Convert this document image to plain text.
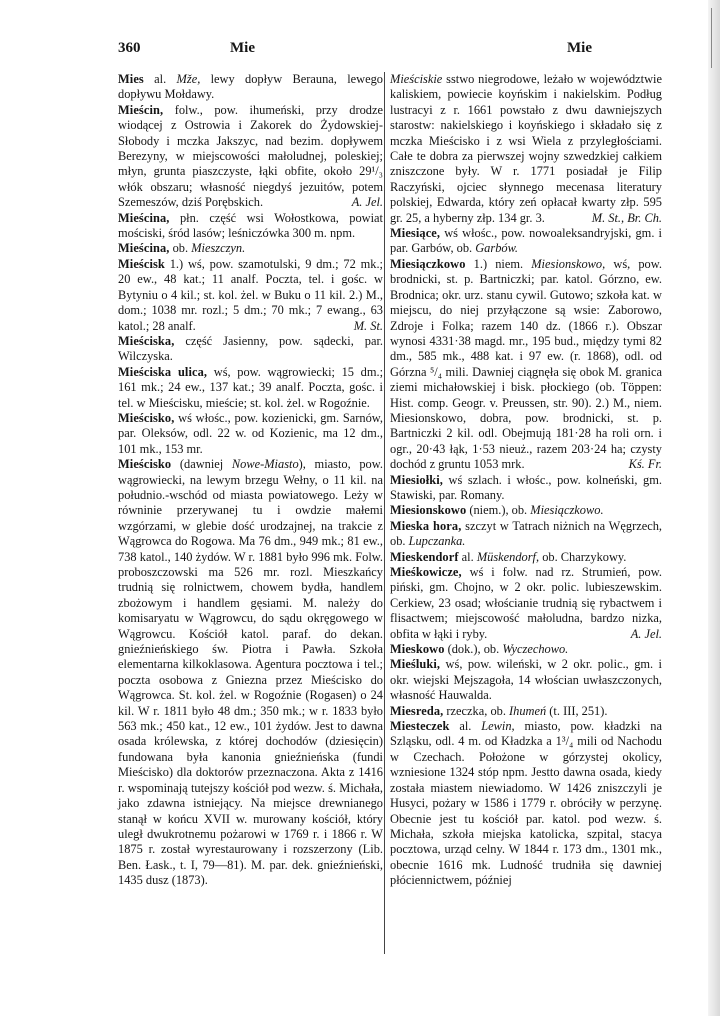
360	Mie	Mie

Mies al. Mže, lewy dopływ Berauna, lewego dopływu Mołdawy.

Mieścin, folw., pow. ihumeński, przy drodze wiodącej z Ostrowia i Zakorek do Żydowskiej-Słobody i mczka Jakszyc, nad bezim. dopływem Berezyny, w miejscowości małoludnej, poleskiej; młyn, grunta piaszczyste, łąki obfite, około 29¹/₃ włók obszaru; własność niegdyś jezuitów, potem Szemeszów, dziś Porębskich.	A. Jel.

Mieścina, płn. część wsi Wołostkowa, powiat mościski, śród lasów; leśniczówka 300 m. npm.

Mieścina, ob. Mieszczyn.

Mieścisk 1.) wś, pow. szamotulski, 9 dm.; 72 mk.; 20 ew., 48 kat.; 11 analf. Poczta, tel. i gośc. w Bytyniu o 4 kil.; st. kol. żel. w Buku o 11 kil. 2.) M., dom.; 1038 mr. rozl.; 5 dm.; 70 mk.; 7 ewang., 63 katol.; 28 analf.	M. St.

Mieściska, część Jasienny, pow. sądecki, par. Wilczyska.

Mieściska ulica, wś, pow. wągrowiecki; 15 dm.; 161 mk.; 24 ew., 137 kat.; 39 analf. Poczta, gośc. i tel. w Mieścisku, mieście; st. kol. żel. w Rogoźnie.

Mieścisko, wś włośc., pow. kozienicki, gm. Sarnów, par. Oleksów, odl. 22 w. od Kozienic, ma 12 dm., 101 mk., 153 mr.

Mieścisko (dawniej Nowe-Miasto), miasto, pow. wągrowiecki, na lewym brzegu Wełny, o 11 kil. na południo.-wschód od miasta powiatowego. Leży w równinie przerywanej tu i owdzie małemi wzgórzami, w glebie dość urodzajnej, na trakcie z Wągrowca do Rogowa. Ma 76 dm., 949 mk.; 81 ew., 738 katol., 140 żydów. W r. 1881 było 996 mk. Folw. proboszczowski ma 526 mr. rozl. Mieszkańcy trudnią się rolnictwem, chowem bydła, handlem zbożowym i handlem gęsiami. M. należy do komisaryatu w Wągrowcu, do sądu okręgowego w Wągrowcu. Kościół katol. paraf. do dekan. gnieźnieńskiego św. Piotra i Pawła. Szkoła elementarna kilkoklasowa. Agentura pocztowa i tel.; poczta osobowa z Gniezna przez Mieścisko do Wągrowca. St. kol. żel. w Rogoźnie (Rogasen) o 24 kil. W r. 1811 było 48 dm.; 350 mk.; w r. 1833 było 563 mk.; 450 kat., 12 ew., 101 żydów. Jest to dawna osada królewska, z której dochodów (dziesięcin) fundowana była kanonia gnieźnieńska (fundi Mieścisko) dla doktorów przeznaczona. Akta z 1416 r. wspominają tutejszy kościół pod wezw. ś. Michała, jako zdawna istniejący. Na miejsce drewnianego stanął w końcu XVII w. murowany kościół, który uległ dwukrotnemu pożarowi w 1769 r. i 1866 r. W 1875 r. został wyrestaurowany i rozszerzony (Lib. Ben. Łask., t. I, 79—81). M. par. dek. gnieźnieński, 1435 dusz (1873).

Mieściskie sstwo niegrodowe, leżało w województwie kaliskiem, powiecie koyńskim i nakielskim. Podług lustracyi z r. 1661 powstało z dwu dawniejszych starostw: nakielskiego i koyńskiego i składało się z mczka Mieścisko i z wsi Wiela z przyległościami. Całe te dobra za pierwszej wojny szwedzkiej całkiem zniszczone były. W r. 1771 posiadał je Filip Raczyński, ojciec słynnego mecenasa literatury polskiej, Edwarda, który zeń opłacał kwarty złp. 595 gr. 25, a hyberny złp. 134 gr. 3.	M. St., Br. Ch.

Miesiące, wś włośc., pow. nowoaleksandryjski, gm. i par. Garbów, ob. Garbów.

Miesiączkowo 1.) niem. Miesionskowo, wś, pow. brodnicki, st. p. Bartniczki; par. katol. Górzno, ew. Brodnica; okr. urz. stanu cywil. Gutowo; szkoła kat. w miejscu, do niej przyłączone są wsie: Zaborowo, Zdroje i Folka; razem 140 dz. (1866 r.). Obszar wynosi 4331·38 magd. mr., 195 bud., między tymi 82 dm., 585 mk., 488 kat. i 97 ew. (r. 1868), odl. od Górzna ⁵/₄ mili. Dawniej ciągnęła się obok M. granica ziemi michałowskiej i bisk. płockiego (ob. Töppen: Hist. comp. Geogr. v. Preussen, str. 90). 2.) M., niem. Miesionskowo, dobra, pow. brodnicki, st. p. Bartniczki 2 kil. odl. Obejmują 181·28 ha roli orn. i ogr., 20·43 łąk, 1·53 nieuż., razem 203·24 ha; czysty dochód z gruntu 1053 mrk.	Kś. Fr.

Miesiołki, wś szlach. i włośc., pow. kolneński, gm. Stawiski, par. Romany.

Miesionskowo (niem.), ob. Miesiączkowo.

Mieska hora, szczyt w Tatrach niżnich na Węgrzech, ob. Lupczanka.

Mieskendorf al. Müskendorf, ob. Charzykowy.

Mieśkowicze, wś i folw. nad rz. Strumień, pow. piński, gm. Chojno, w 2 okr. polic. lubieszewskim. Cerkiew, 23 osad; włościanie trudnią się rybactwem i flisactwem; miejscowość małoludna, bardzo nizka, obfita w łąki i ryby.	A. Jel.

Mieskowo (dok.), ob. Wyczechowo.

Mieśluki, wś, pow. wileński, w 2 okr. polic., gm. i okr. wiejski Mejszagoła, 14 włościan uwłaszczonych, własność Hauwalda.

Miesreda, rzeczka, ob. Ihumeń (t. III, 251).

Miesteczek al. Lewin, miasto, pow. kładzki na Szląsku, odl. 4 m. od Kładzka a 1³/₄ mili od Nachodu w Czechach. Położone w górzystej okolicy, wzniesione 1324 stóp npm. Jestto dawna osada, kiedy została miastem niewiadomo. W 1426 zniszczyli je Husyci, pożary w 1586 i 1779 r. obróciły w perzynę. Obecnie jest tu kościół par. katol. pod wezw. ś. Michała, szkoła miejska katolicka, szpital, stacya pocztowa, urząd celny. W 1844 r. 173 dm., 1301 mk., obecnie 1616 mk. Ludność trudniła się dawniej płóciennictwem, później
